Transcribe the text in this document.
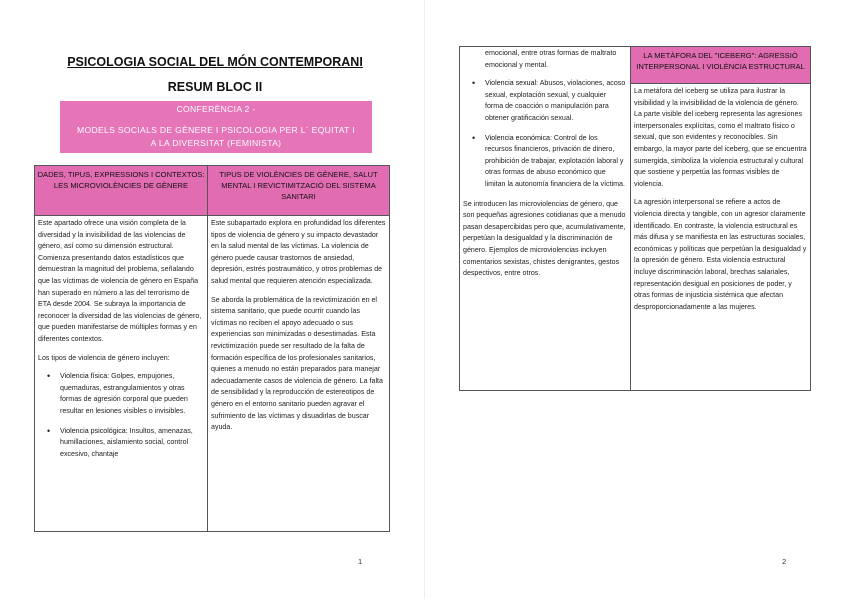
PSICOLOGIA SOCIAL DEL MÓN CONTEMPORANI
RESUM BLOC II
CONFERÈNCIA 2 -
MODELS SOCIALS DE GÈNERE I PSICOLOGIA PER L´ EQUITAT I
A LA DIVERSITAT (FEMINISTA)
DADES, TIPUS, EXPRESSIONS I CONTEXTOS: LES MICROVIOLÈNCIES DE GÈNERE
TIPUS DE VIOLÈNCIES DE GÈNERE, SALUT MENTAL I REVICTIMITZACIÓ DEL SISTEMA SANITARI

Este apartado ofrece una visión completa de la diversidad y la invisibilidad de las violencias de género, así como su dimensión estructural. Comienza presentando datos estadísticos que demuestran la magnitud del problema, señalando que las víctimas de violencia de género en España han superado en número a las del terrorismo de ETA desde 2004. Se subraya la importancia de reconocer la diversidad de las violencias de género, que pueden manifestarse de múltiples formas y en diferentes contextos.

Los tipos de violencia de género incluyen:

• Violencia física: Golpes, empujones, quemaduras, estrangulamientos y otras formas de agresión corporal que pueden resultar en lesiones visibles o invisibles.
• Violencia psicológica: Insultos, amenazas, humillaciones, aislamiento social, control excesivo, chantaje

Este subapartado explora en profundidad los diferentes tipos de violencia de género y su impacto devastador en la salud mental de las víctimas. La violencia de género puede causar trastornos de ansiedad, depresión, estrés postraumático, y otros problemas de salud mental que requieren atención especializada.

Se aborda la problemática de la revictimización en el sistema sanitario, que puede ocurrir cuando las víctimas no reciben el apoyo adecuado o sus experiencias son minimizadas o desestimadas. Esta revictimización puede ser resultado de la falta de formación específica de los profesionales sanitarios, quienes a menudo no están preparados para manejar adecuadamente casos de violencia de género. La falta de sensibilidad y la reproducción de estereotipos de género en el entorno sanitario pueden agravar el sufrimiento de las víctimas y disuadirlas de buscar ayuda.

1
LA METÀFORA DEL "ICEBERG": AGRESSIÓ INTERPERSONAL I VIOLÈNCIA ESTRUCTURAL

emocional, entre otras formas de maltrato emocional y mental.

• Violencia sexual: Abusos, violaciones, acoso sexual, explotación sexual, y cualquier forma de coacción o manipulación para obtener gratificación sexual.
• Violencia económica: Control de los recursos financieros, privación de dinero, prohibición de trabajar, explotación laboral y otras formas de abuso económico que limitan la autonomía financiera de la víctima.

Se introducen las microviolencias de género, que son pequeñas agresiones cotidianas que a menudo pasan desapercibidas pero que, acumulativamente, perpetúan la desigualdad y la discriminación de género. Ejemplos de microviolencias incluyen comentarios sexistas, chistes denigrantes, gestos despectivos, entre otros.

La metáfora del iceberg se utiliza para ilustrar la visibilidad y la invisibilidad de la violencia de género. La parte visible del iceberg representa las agresiones interpersonales explícitas, como el maltrato físico o sexual, que son evidentes y reconocibles. Sin embargo, la mayor parte del iceberg, que se encuentra sumergida, simboliza la violencia estructural y cultural que sostiene y perpetúa las formas visibles de violencia.

La agresión interpersonal se refiere a actos de violencia directa y tangible, con un agresor claramente identificado. En contraste, la violencia estructural es más difusa y se manifiesta en las estructuras sociales, económicas y políticas que perpetúan la desigualdad y la opresión de género. Esta violencia estructural incluye discriminación laboral, brechas salariales, representación desigual en posiciones de poder, y otras formas de injusticia sistémica que afectan desproporcionadamente a las mujeres.

2
